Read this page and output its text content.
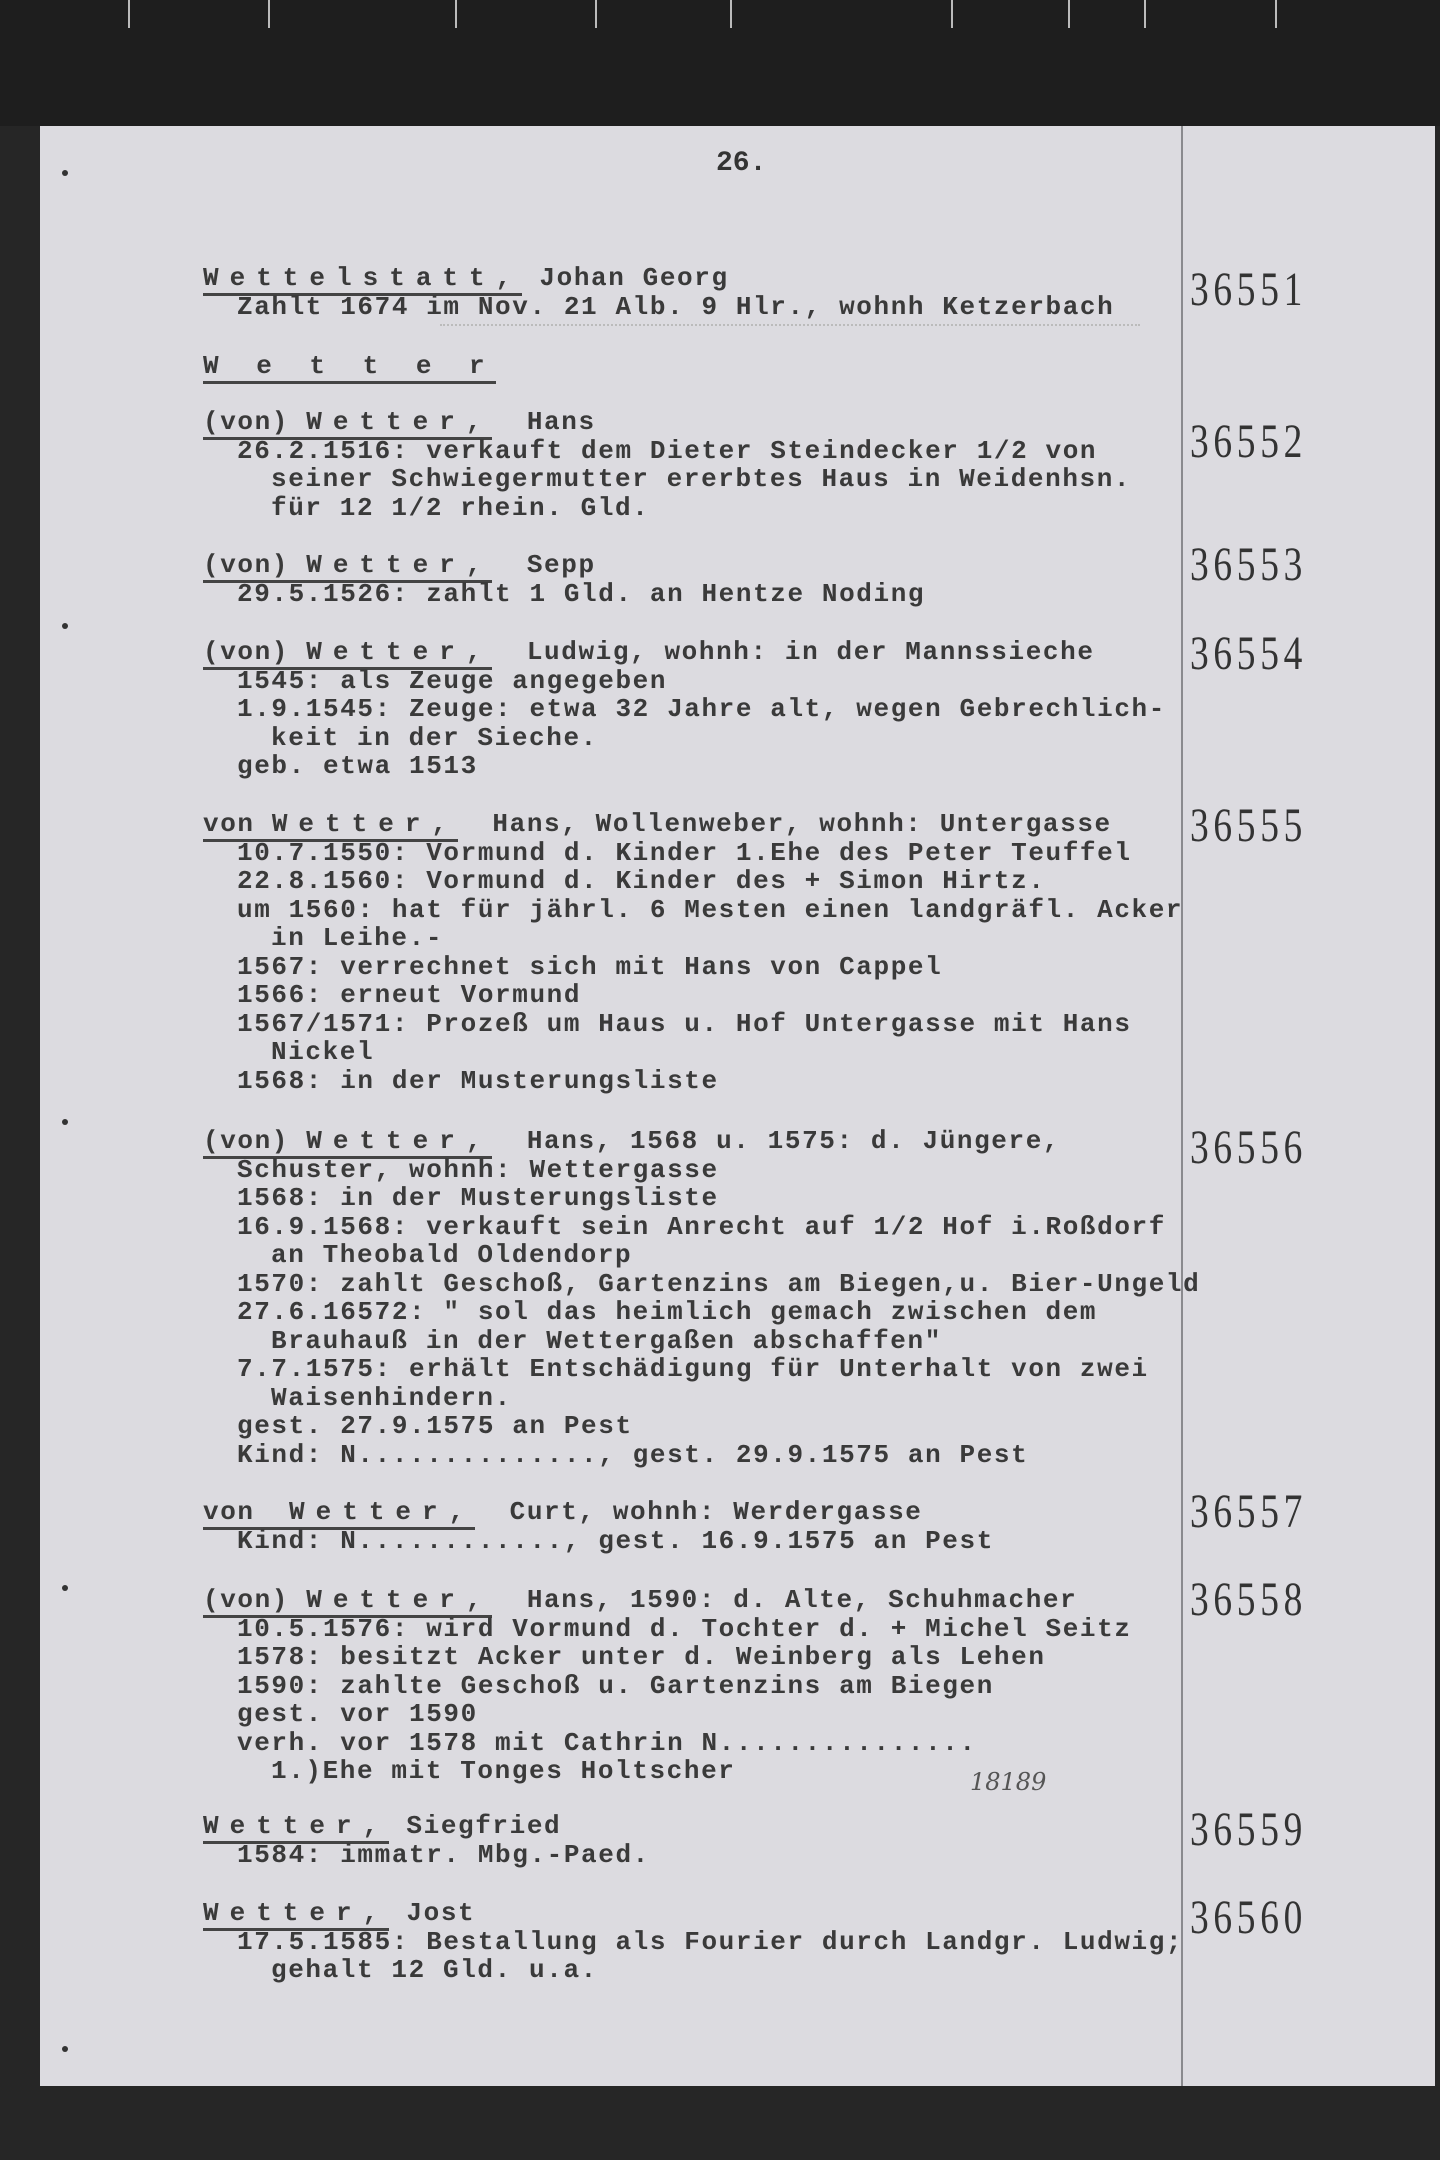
26.
W e t t e r
18189
Wettelstatt, Johan Georg
Zahlt 1674 im Nov. 21 Alb. 9 Hlr., wohnh Ketzerbach 36551
(von) Wetter,  Hans
26.2.1516: verkauft dem Dieter Steindecker 1/2 von
seiner Schwiegermutter ererbtes Haus in Weidenhsn.
für 12 1/2 rhein. Gld.
36552
(von) Wetter,  Sepp
29.5.1526: zahlt 1 Gld. an Hentze Noding
36553
(von) Wetter,  Ludwig, wohnh: in der Mannssieche
1545: als Zeuge angegeben
1.9.1545: Zeuge: etwa 32 Jahre alt, wegen Gebrechlich-
keit in der Sieche.
geb. etwa 1513
36554
von Wetter,  Hans, Wollenweber, wohnh: Untergasse
10.7.1550: Vormund d. Kinder 1.Ehe des Peter Teuffel
22.8.1560: Vormund d. Kinder des + Simon Hirtz.
um 1560: hat für jährl. 6 Mesten einen landgräfl. Acker
in Leihe.-
1567: verrechnet sich mit Hans von Cappel
1566: erneut Vormund
1567/1571: Prozeß um Haus u. Hof Untergasse mit Hans
Nickel
1568: in der Musterungsliste
36555
(von) Wetter,  Hans, 1568 u. 1575: d. Jüngere,
Schuster, wohnh: Wettergasse
1568: in der Musterungsliste
16.9.1568: verkauft sein Anrecht auf 1/2 Hof i.Roßdorf
an Theobald Oldendorp
1570: zahlt Geschoß, Gartenzins am Biegen,u. Bier-Ungeld
27.6.16572: " sol das heimlich gemach zwischen dem
Brauhauß in der Wettergaßen abschaffen"
7.7.1575: erhält Entschädigung für Unterhalt von zwei
Waisenhindern.
gest. 27.9.1575 an Pest
Kind: N.............., gest. 29.9.1575 an Pest
36556
von  Wetter,  Curt, wohnh: Werdergasse
Kind: N............, gest. 16.9.1575 an Pest
36557
(von) Wetter,  Hans, 1590: d. Alte, Schuhmacher
10.5.1576: wird Vormund d. Tochter d. + Michel Seitz
1578: besitzt Acker unter d. Weinberg als Lehen
1590: zahlte Geschoß u. Gartenzins am Biegen
gest. vor 1590
verh. vor 1578 mit Cathrin N...............
1.)Ehe mit Tonges Holtscher
36558
Wetter, Siegfried
1584: immatr. Mbg.-Paed.	36559
Wetter, Jost
17.5.1585: Bestallung als Fourier durch Landgr. Ludwig;
gehalt 12 Gld. u.a.
36560
